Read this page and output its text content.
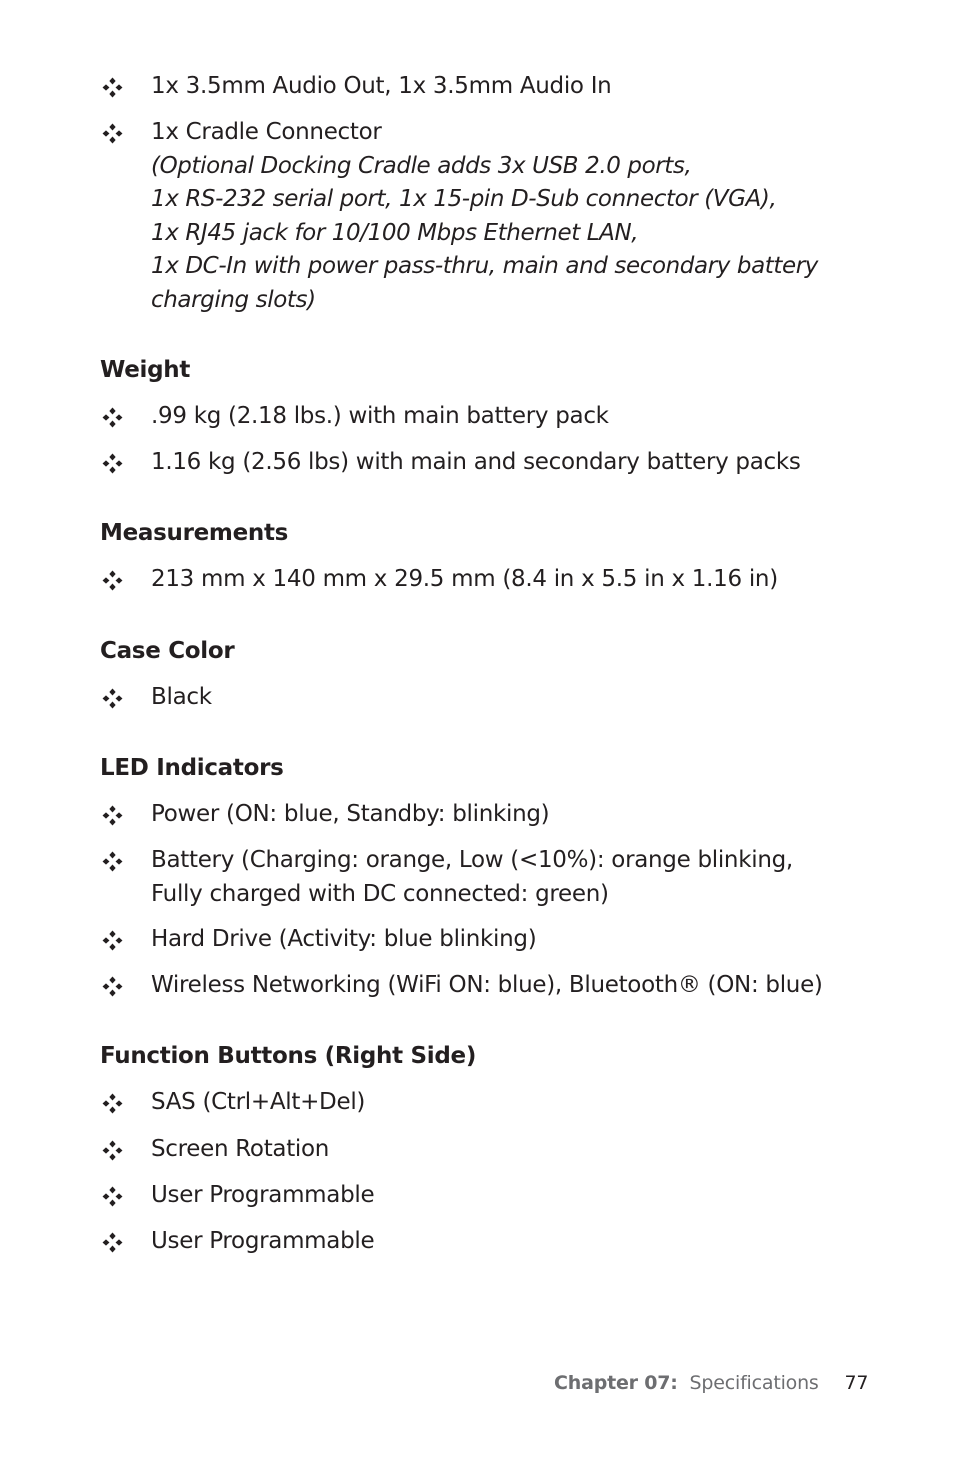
1x 3.5mm Audio Out, 1x 3.5mm Audio In
1x Cradle Connector
(Optional Docking Cradle adds 3x USB 2.0 ports,
1x RS-232 serial port, 1x 15-pin D-Sub connector (VGA),
1x RJ45 jack for 10/100 Mbps Ethernet LAN,
1x DC-In with power pass-thru, main and secondary battery
charging slots)
Weight
.99 kg (2.18 lbs.) with main battery pack
1.16 kg (2.56 lbs) with main and secondary battery packs
Measurements
213 mm x 140 mm x 29.5 mm (8.4 in x 5.5 in x 1.16 in)
Case Color
Black
LED Indicators
Power (ON: blue, Standby: blinking)
Battery (Charging: orange, Low (<10%): orange blinking,
Fully charged with DC connected: green)
Hard Drive (Activity: blue blinking)
Wireless Networking (WiFi ON: blue), Bluetooth® (ON: blue)
Function Buttons (Right Side)
SAS (Ctrl+Alt+Del)
Screen Rotation
User Programmable
User Programmable
Chapter 07: Specifications 77
